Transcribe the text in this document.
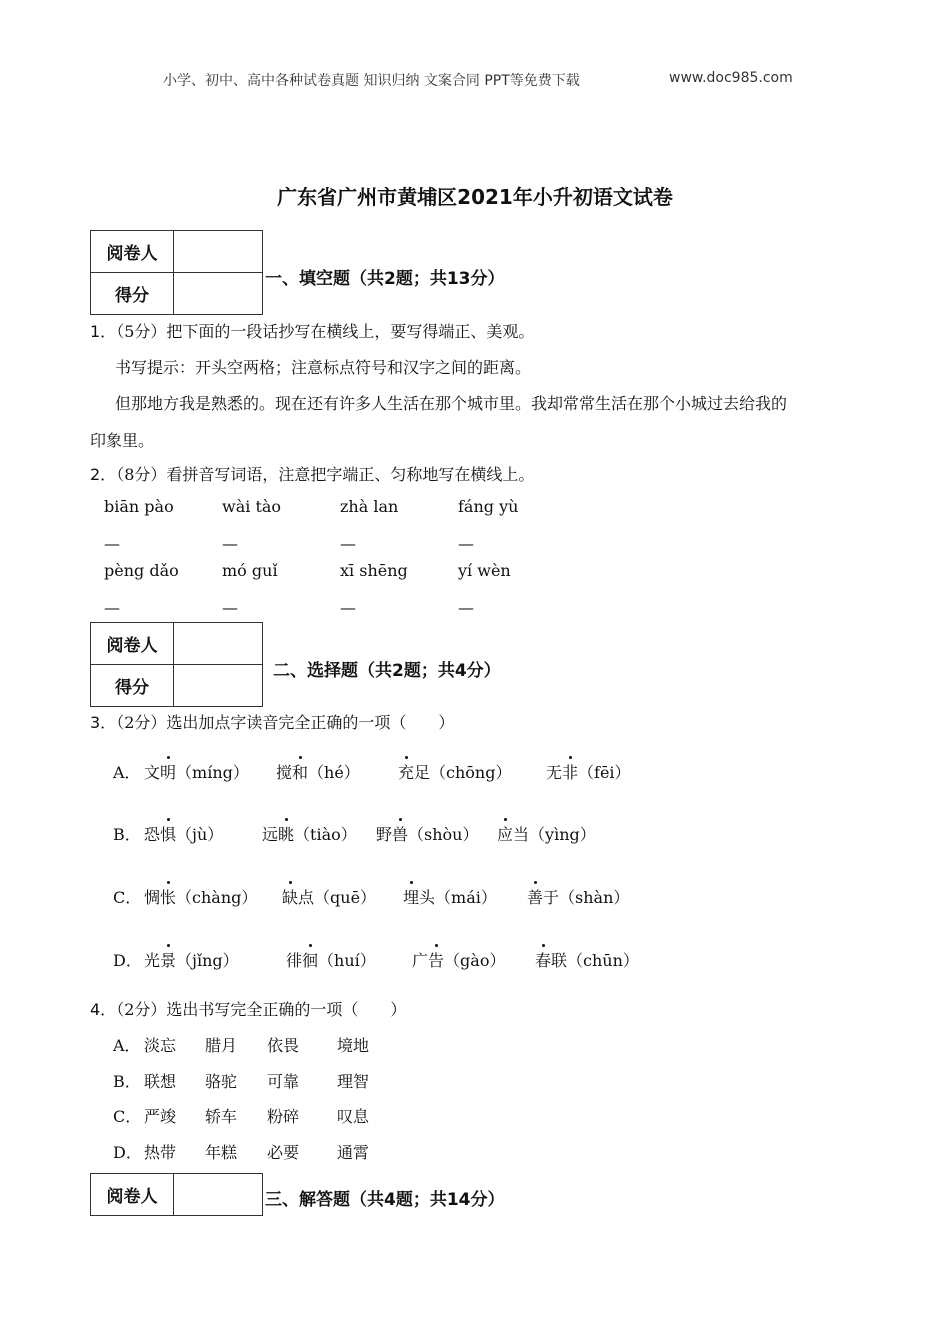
小学、初中、高中各种试卷真题 知识归纳 文案合同 PPT等免费下载	www.doc985.com
广东省广州市黄埔区2021年小升初语文试卷
阅卷人	
得分	
一、填空题（共2题；共13分）
1．（5分）把下面的一段话抄写在横线上，要写得端正、美观。
书写提示：开头空两格；注意标点符号和汉字之间的距离。
但那地方我是熟悉的。现在还有许多人生活在那个城市里。我却常常生活在那个小城过去给我的
印象里。
2．（8分）看拼音写词语，注意把字端正、匀称地写在横线上。
biān pào	wài tào	zhà lan	fáng yù
—	—	—	—
pèng dǎo	mó guǐ	xī shēng	yí wèn
—	—	—	—
阅卷人	
得分	
二、选择题（共2题；共4分）
3．（2分）选出加点字读音完全正确的一项（　　）
A． 文明（míng） 搅和（hé） 充足（chōng） 无非（fēi）
B． 恐惧（jù） 远眺（tiào） 野兽（shòu） 应当（yìng）
C． 惆怅（chàng） 缺点（quē） 埋头（mái） 善于（shàn）
D． 光景（jǐng）	徘徊（huí） 广告（gào） 春联（chūn）
4．（2分）选出书写完全正确的一项（　　）
A． 淡忘 腊月 依畏 境地
B． 联想 骆驼 可靠 理智
C． 严竣 轿车 粉碎 叹息
D． 热带 年糕 必要 通霄
阅卷人		三、解答题（共4题；共14分）
